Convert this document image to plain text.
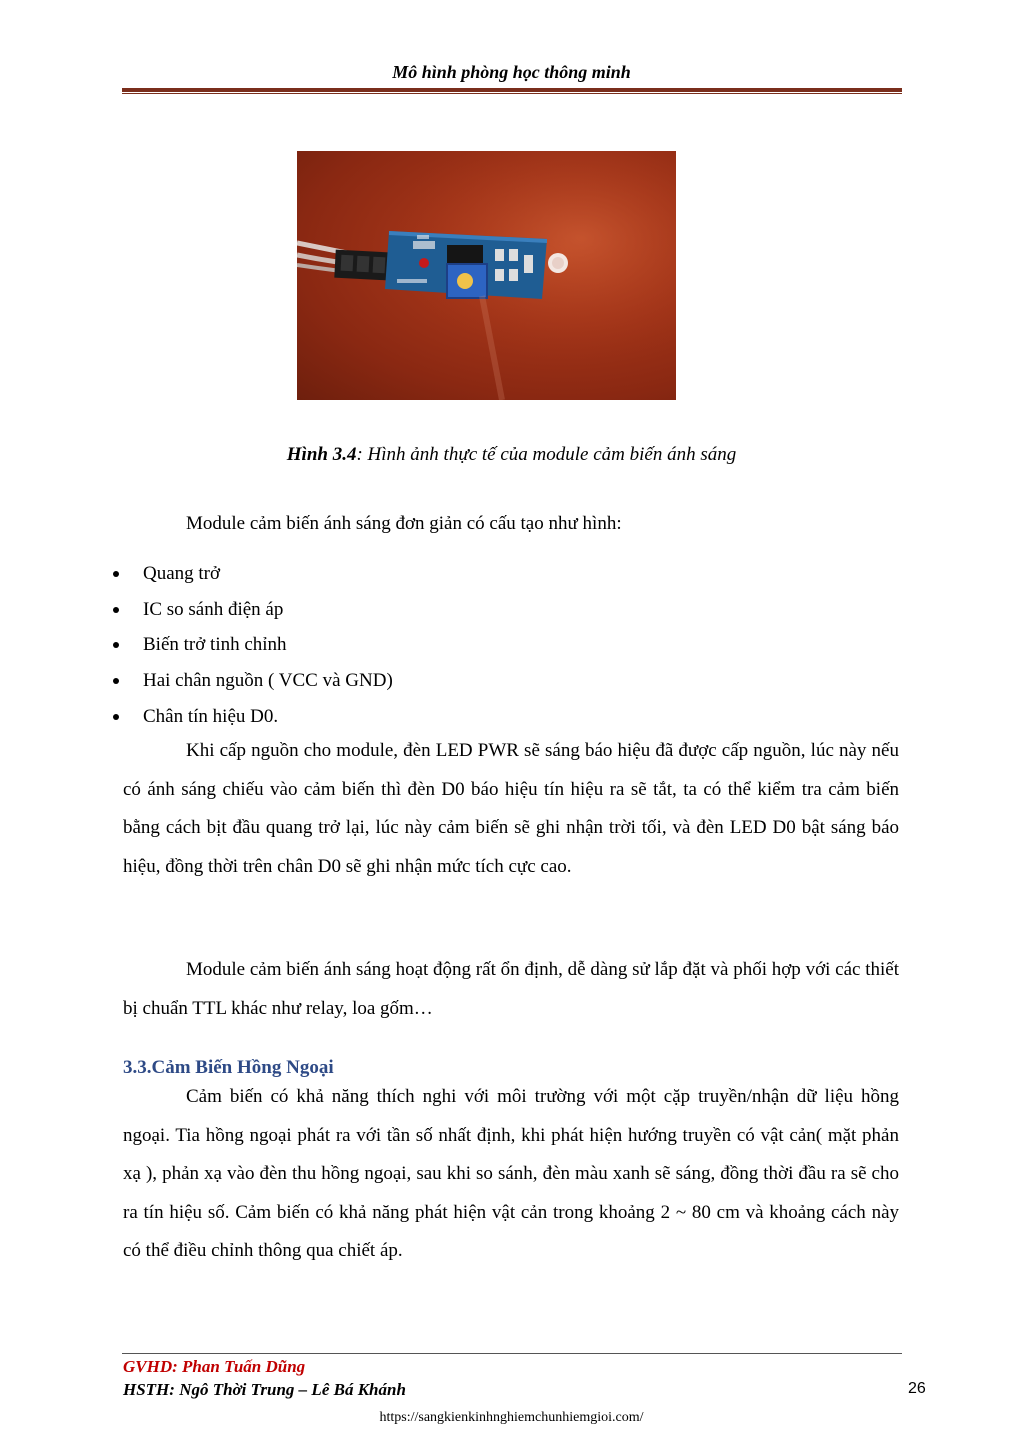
Mô hình phòng học thông minh
Hình 3.4: Hình ảnh thực tế của module cảm biến ánh sáng
Module cảm biến ánh sáng đơn giản có cấu tạo như hình:
Quang trở
IC so sánh điện áp
Biến trở tinh chỉnh
Hai chân nguồn ( VCC và GND)
Chân tín hiệu D0.
Khi cấp nguồn cho module, đèn LED PWR sẽ sáng báo hiệu đã được cấp nguồn, lúc này nếu có ánh sáng chiếu vào cảm biến thì đèn D0 báo hiệu tín hiệu ra sẽ tắt, ta có thể kiểm tra cảm biến bằng cách bịt đầu quang trở lại, lúc này cảm biến sẽ ghi nhận trời tối, và đèn LED D0 bật sáng báo hiệu, đồng thời trên chân D0 sẽ ghi nhận mức tích cực cao.
Module cảm biến ánh sáng hoạt động rất ổn định, dễ dàng sử lắp đặt và phối hợp với các thiết bị chuẩn TTL khác như relay, loa gốm…
3.3.Cảm Biến Hồng Ngoại
Cảm biến có khả năng thích nghi với môi trường với một cặp truyền/nhận dữ liệu hồng ngoại. Tia hồng ngoại phát ra với tần số nhất định, khi phát hiện hướng truyền có vật cản( mặt phản xạ ), phản xạ vào đèn thu hồng ngoại, sau khi so sánh, đèn màu xanh sẽ sáng, đồng thời đầu ra sẽ cho ra tín hiệu số. Cảm biến có khả năng phát hiện vật cản trong khoảng 2 ~ 80 cm và khoảng cách này có thể điều chỉnh thông qua chiết áp.
GVHD: Phan Tuấn Dũng
HSTH: Ngô Thời Trung – Lê Bá Khánh	26
https://sangkienkinhnghiemchunhiemgioi.com/
